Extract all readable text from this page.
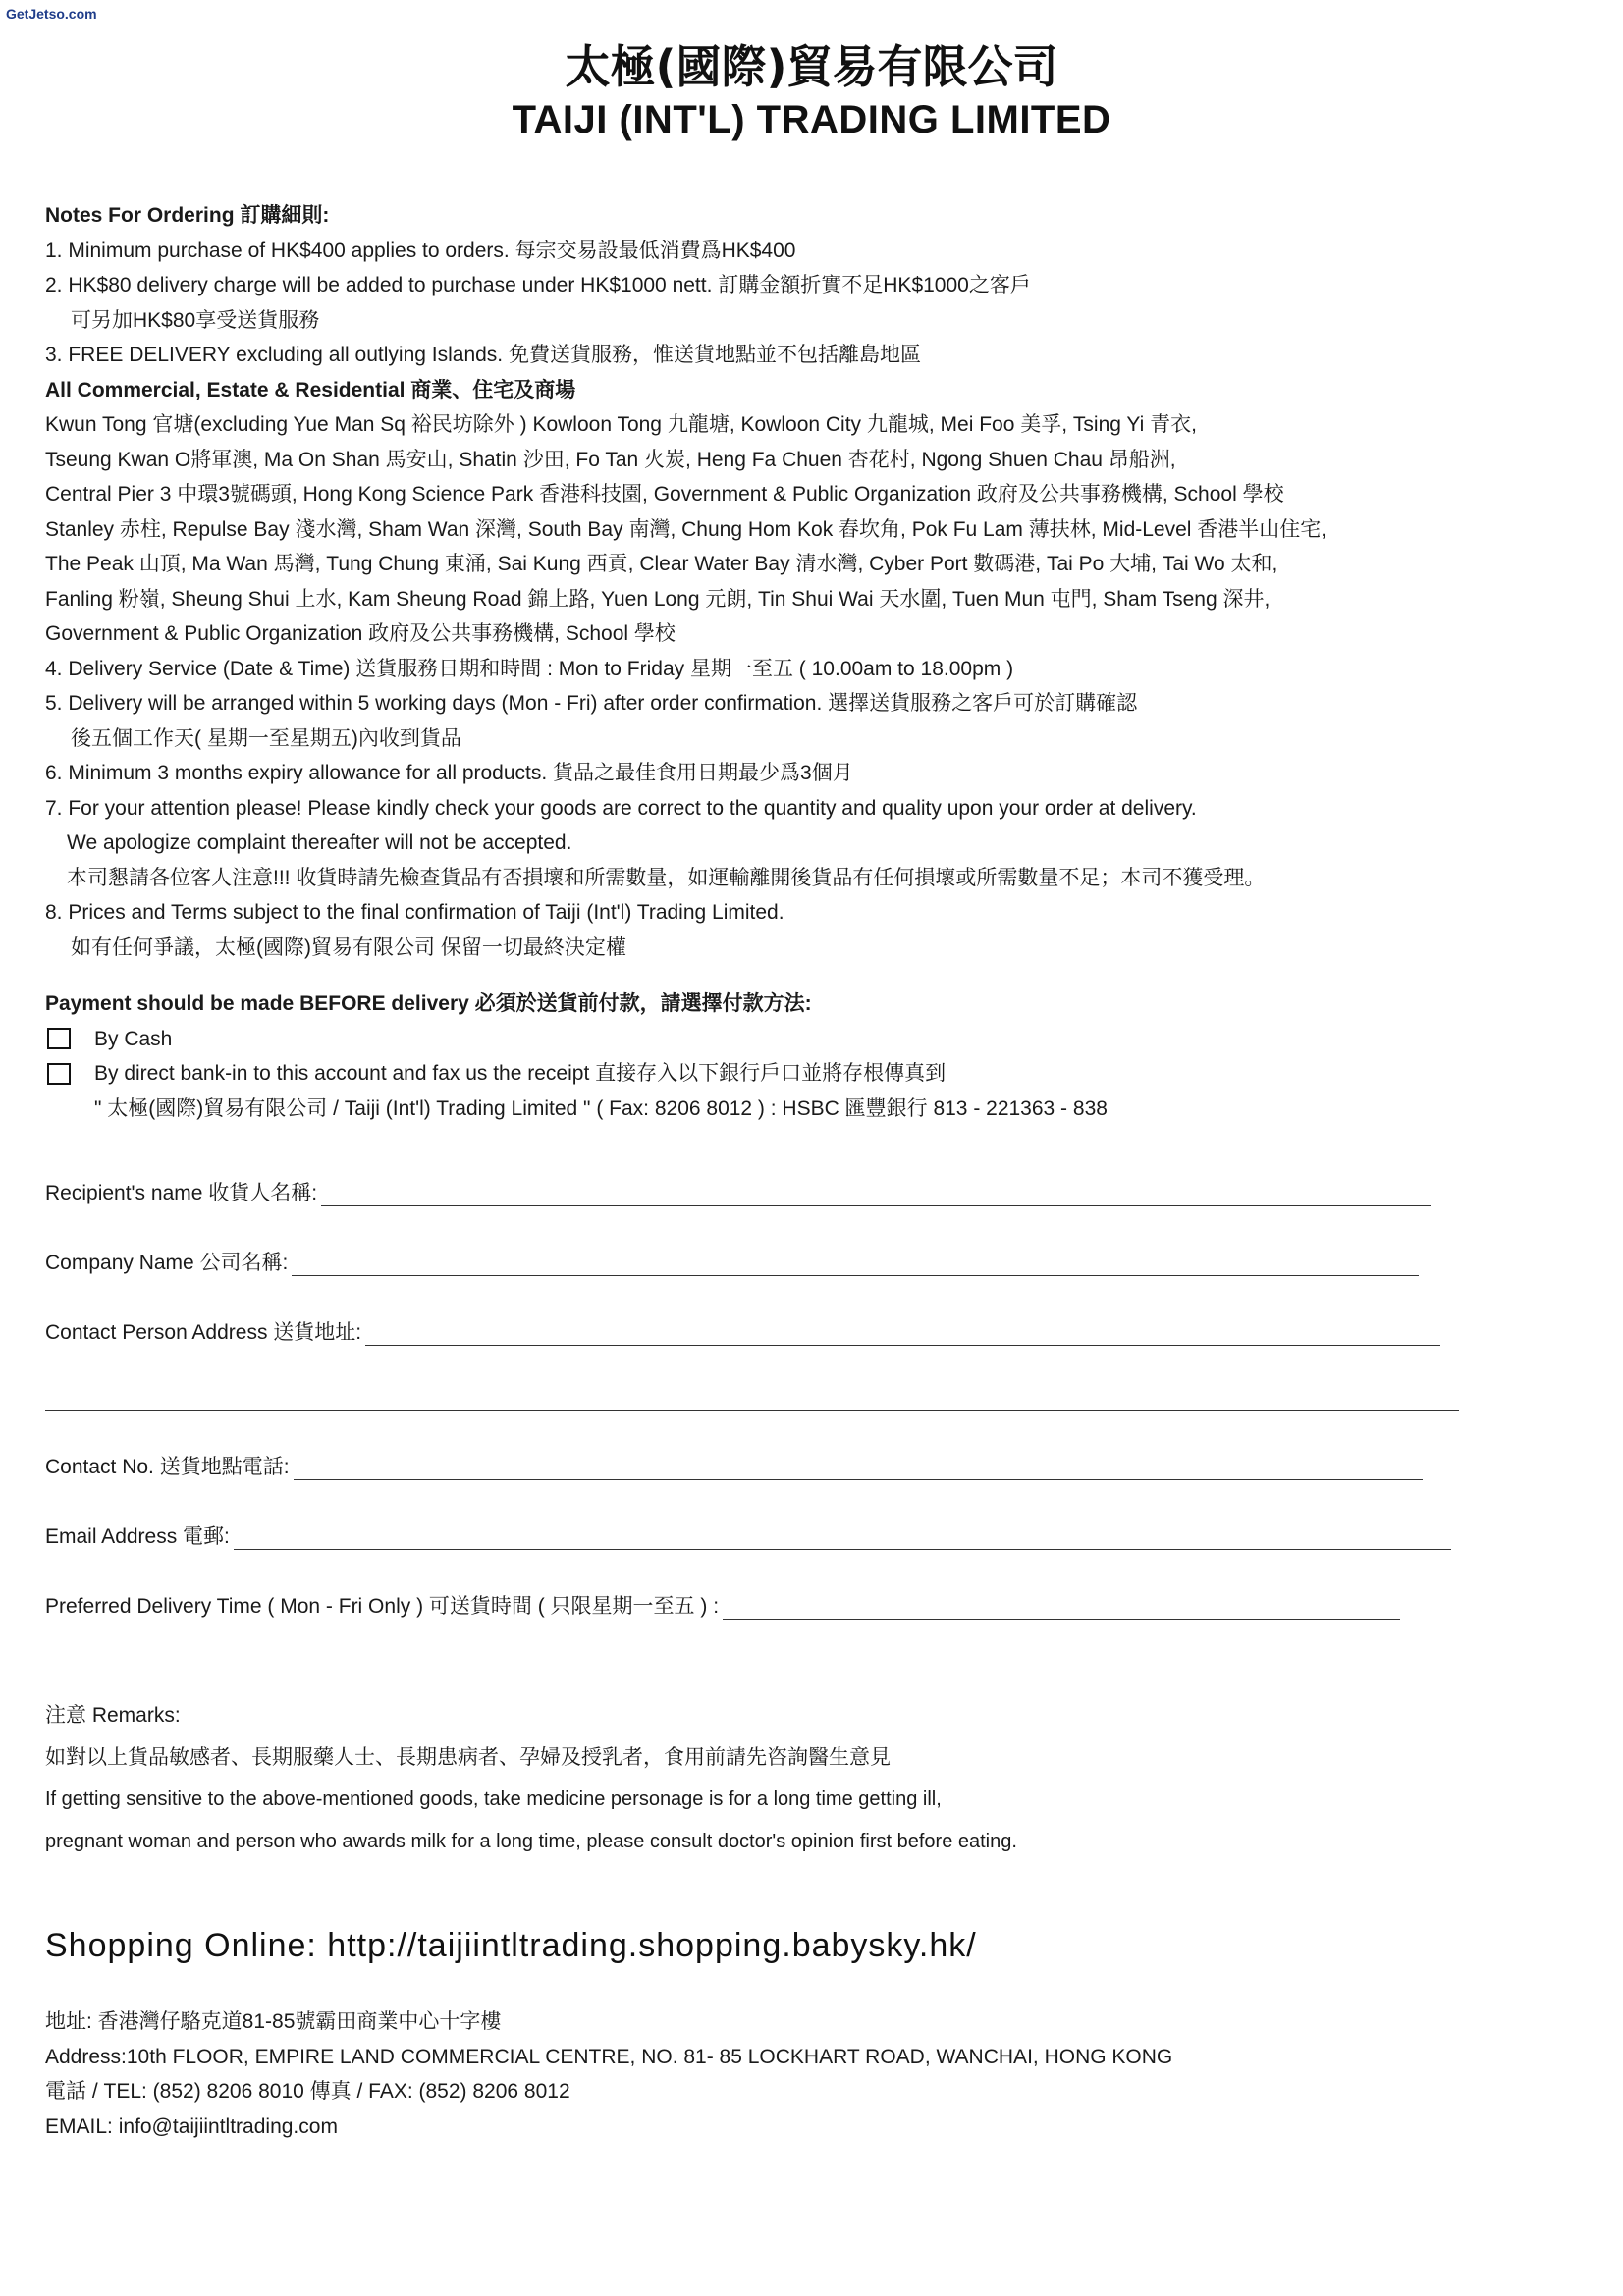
GetJetso.com
太極(國際)貿易有限公司
TAIJI (INT'L) TRADING LIMITED
Notes For Ordering 訂購細則:
1. Minimum purchase of HK$400 applies to orders. 每宗交易設最低消費爲HK$400
2. HK$80 delivery charge will be added to purchase under HK$1000 nett. 訂購金額折實不足HK$1000之客戶
可另加HK$80享受送貨服務
3. FREE DELIVERY excluding all outlying Islands. 免費送貨服務，惟送貨地點並不包括離島地區
All Commercial, Estate & Residential 商業、住宅及商場
Kwun Tong 官塘(excluding Yue Man Sq 裕民坊除外 ) Kowloon Tong 九龍塘, Kowloon City 九龍城, Mei Foo 美孚, Tsing Yi 青衣,
Tseung Kwan O將軍澳, Ma On Shan 馬安山, Shatin 沙田, Fo Tan 火炭, Heng Fa Chuen 杏花村, Ngong Shuen Chau 昂船洲,
Central Pier 3 中環3號碼頭, Hong Kong Science Park 香港科技園, Government & Public Organization 政府及公共事務機構, School 學校
Stanley 赤柱, Repulse Bay 淺水灣, Sham Wan 深灣, South Bay 南灣, Chung Hom Kok 舂坎角, Pok Fu Lam 薄扶林, Mid-Level 香港半山住宅,
The Peak 山頂, Ma Wan 馬灣, Tung Chung 東涌, Sai Kung 西貢, Clear Water Bay 清水灣, Cyber Port 數碼港, Tai Po 大埔, Tai Wo 太和,
Fanling 粉嶺, Sheung Shui 上水, Kam Sheung Road 錦上路, Yuen Long 元朗, Tin Shui Wai 天水圍, Tuen Mun 屯門, Sham Tseng 深井,
Government & Public Organization 政府及公共事務機構, School 學校
4. Delivery Service (Date & Time) 送貨服務日期和時間 : Mon to Friday 星期一至五 ( 10.00am to 18.00pm )
5. Delivery will be arranged within 5 working days (Mon - Fri) after order confirmation. 選擇送貨服務之客戶可於訂購確認
後五個工作天( 星期一至星期五)內收到貨品
6. Minimum 3 months expiry allowance for all products. 貨品之最佳食用日期最少爲3個月
7. For your attention please! Please kindly check your goods are correct to the quantity and quality upon your order at delivery.
We apologize complaint thereafter will not be accepted.
本司懇請各位客人注意!!! 收貨時請先檢查貨品有否損壞和所需數量，如運輸離開後貨品有任何損壞或所需數量不足；本司不獲受理。
8. Prices and Terms subject to the final confirmation of Taiji (Int'l) Trading Limited.
如有任何爭議，太極(國際)貿易有限公司 保留一切最終決定權
Payment should be made BEFORE delivery 必須於送貨前付款，請選擇付款方法:
By Cash
By direct bank-in to this account and fax us the receipt 直接存入以下銀行戶口並將存根傳真到
" 太極(國際)貿易有限公司 / Taiji (Int'l) Trading Limited " ( Fax: 8206 8012 ) : HSBC 匯豐銀行 813 - 221363 - 838
Recipient's name 收貨人名稱:
Company Name 公司名稱:
Contact Person Address 送貨地址:
Contact No. 送貨地點電話:
Email Address 電郵:
Preferred Delivery Time ( Mon - Fri Only ) 可送貨時間 ( 只限星期一至五 ) :
注意 Remarks:
如對以上貨品敏感者、長期服藥人士、長期患病者、孕婦及授乳者，食用前請先咨詢醫生意見
If getting sensitive to the above-mentioned goods, take medicine personage is for a long time getting ill,
pregnant woman and person who awards milk for a long time, please consult doctor's opinion first before eating.
Shopping Online: http://taijiintltrading.shopping.babysky.hk/
地址: 香港灣仔駱克道81-85號霸田商業中心十字樓
Address:10th FLOOR, EMPIRE LAND COMMERCIAL CENTRE, NO. 81- 85 LOCKHART ROAD, WANCHAI, HONG KONG
電話 / TEL: (852) 8206 8010 傳真 / FAX: (852) 8206 8012
EMAIL: info@taijiintltrading.com
